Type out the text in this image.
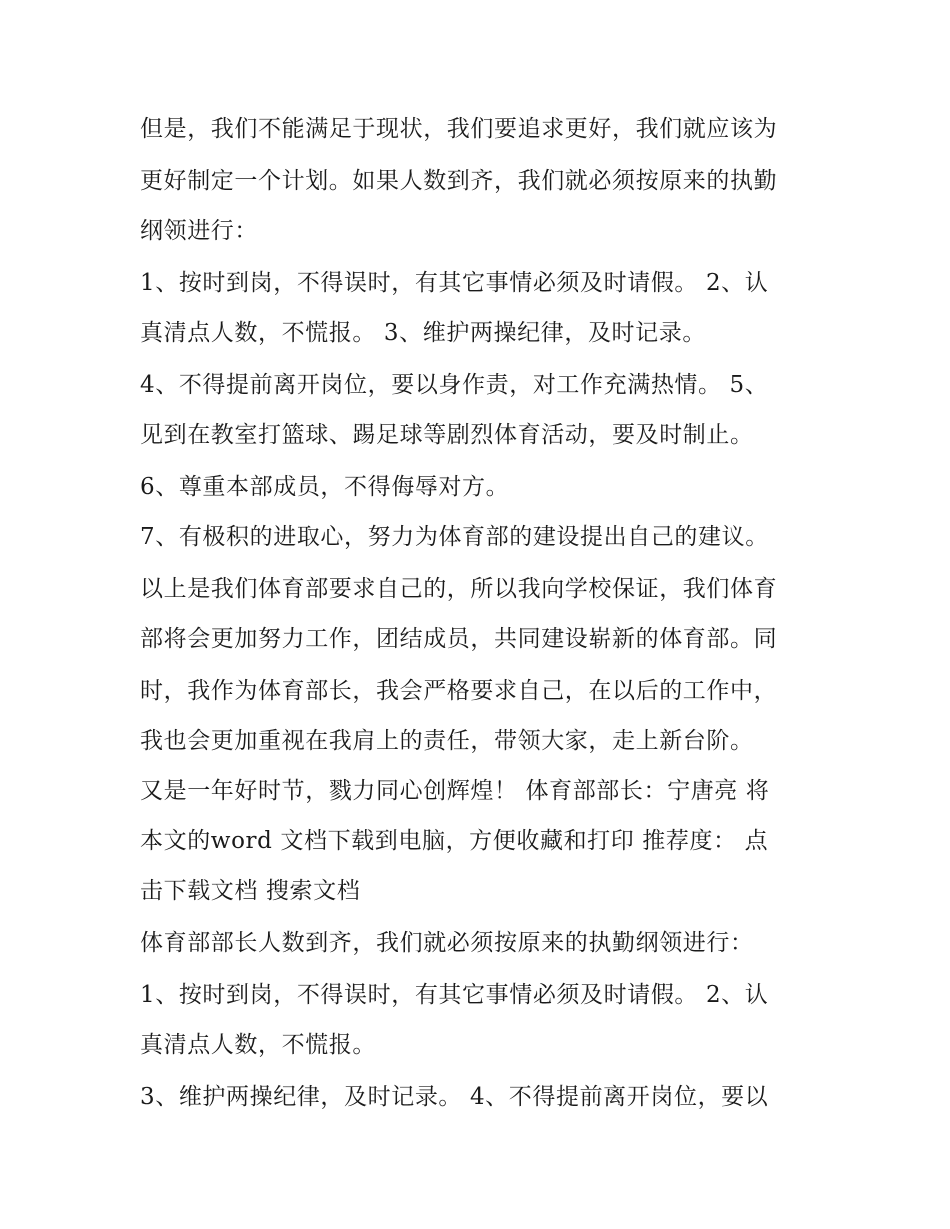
但是，我们不能满足于现状，我们要追求更好，我们就应该为
更好制定一个计划。如果人数到齐，我们就必须按原来的执勤
纲领进行：
1、按时到岗，不得误时，有其它事情必须及时请假。 2、认
真清点人数，不慌报。 3、维护两操纪律，及时记录。
4、不得提前离开岗位，要以身作责，对工作充满热情。 5、
见到在教室打篮球、踢足球等剧烈体育活动，要及时制止。
6、尊重本部成员，不得侮辱对方。
7、有极积的进取心，努力为体育部的建设提出自己的建议。
以上是我们体育部要求自己的，所以我向学校保证，我们体育
部将会更加努力工作，团结成员，共同建设崭新的体育部。同
时，我作为体育部长，我会严格要求自己，在以后的工作中，
我也会更加重视在我肩上的责任，带领大家，走上新台阶。
又是一年好时节，戮力同心创辉煌！ 体育部部长：宁唐亮 将
本文的word 文档下载到电脑，方便收藏和打印 推荐度： 点
击下载文档 搜索文档
体育部部长人数到齐，我们就必须按原来的执勤纲领进行：
1、按时到岗，不得误时，有其它事情必须及时请假。 2、认
真清点人数，不慌报。
3、维护两操纪律，及时记录。 4、不得提前离开岗位，要以
